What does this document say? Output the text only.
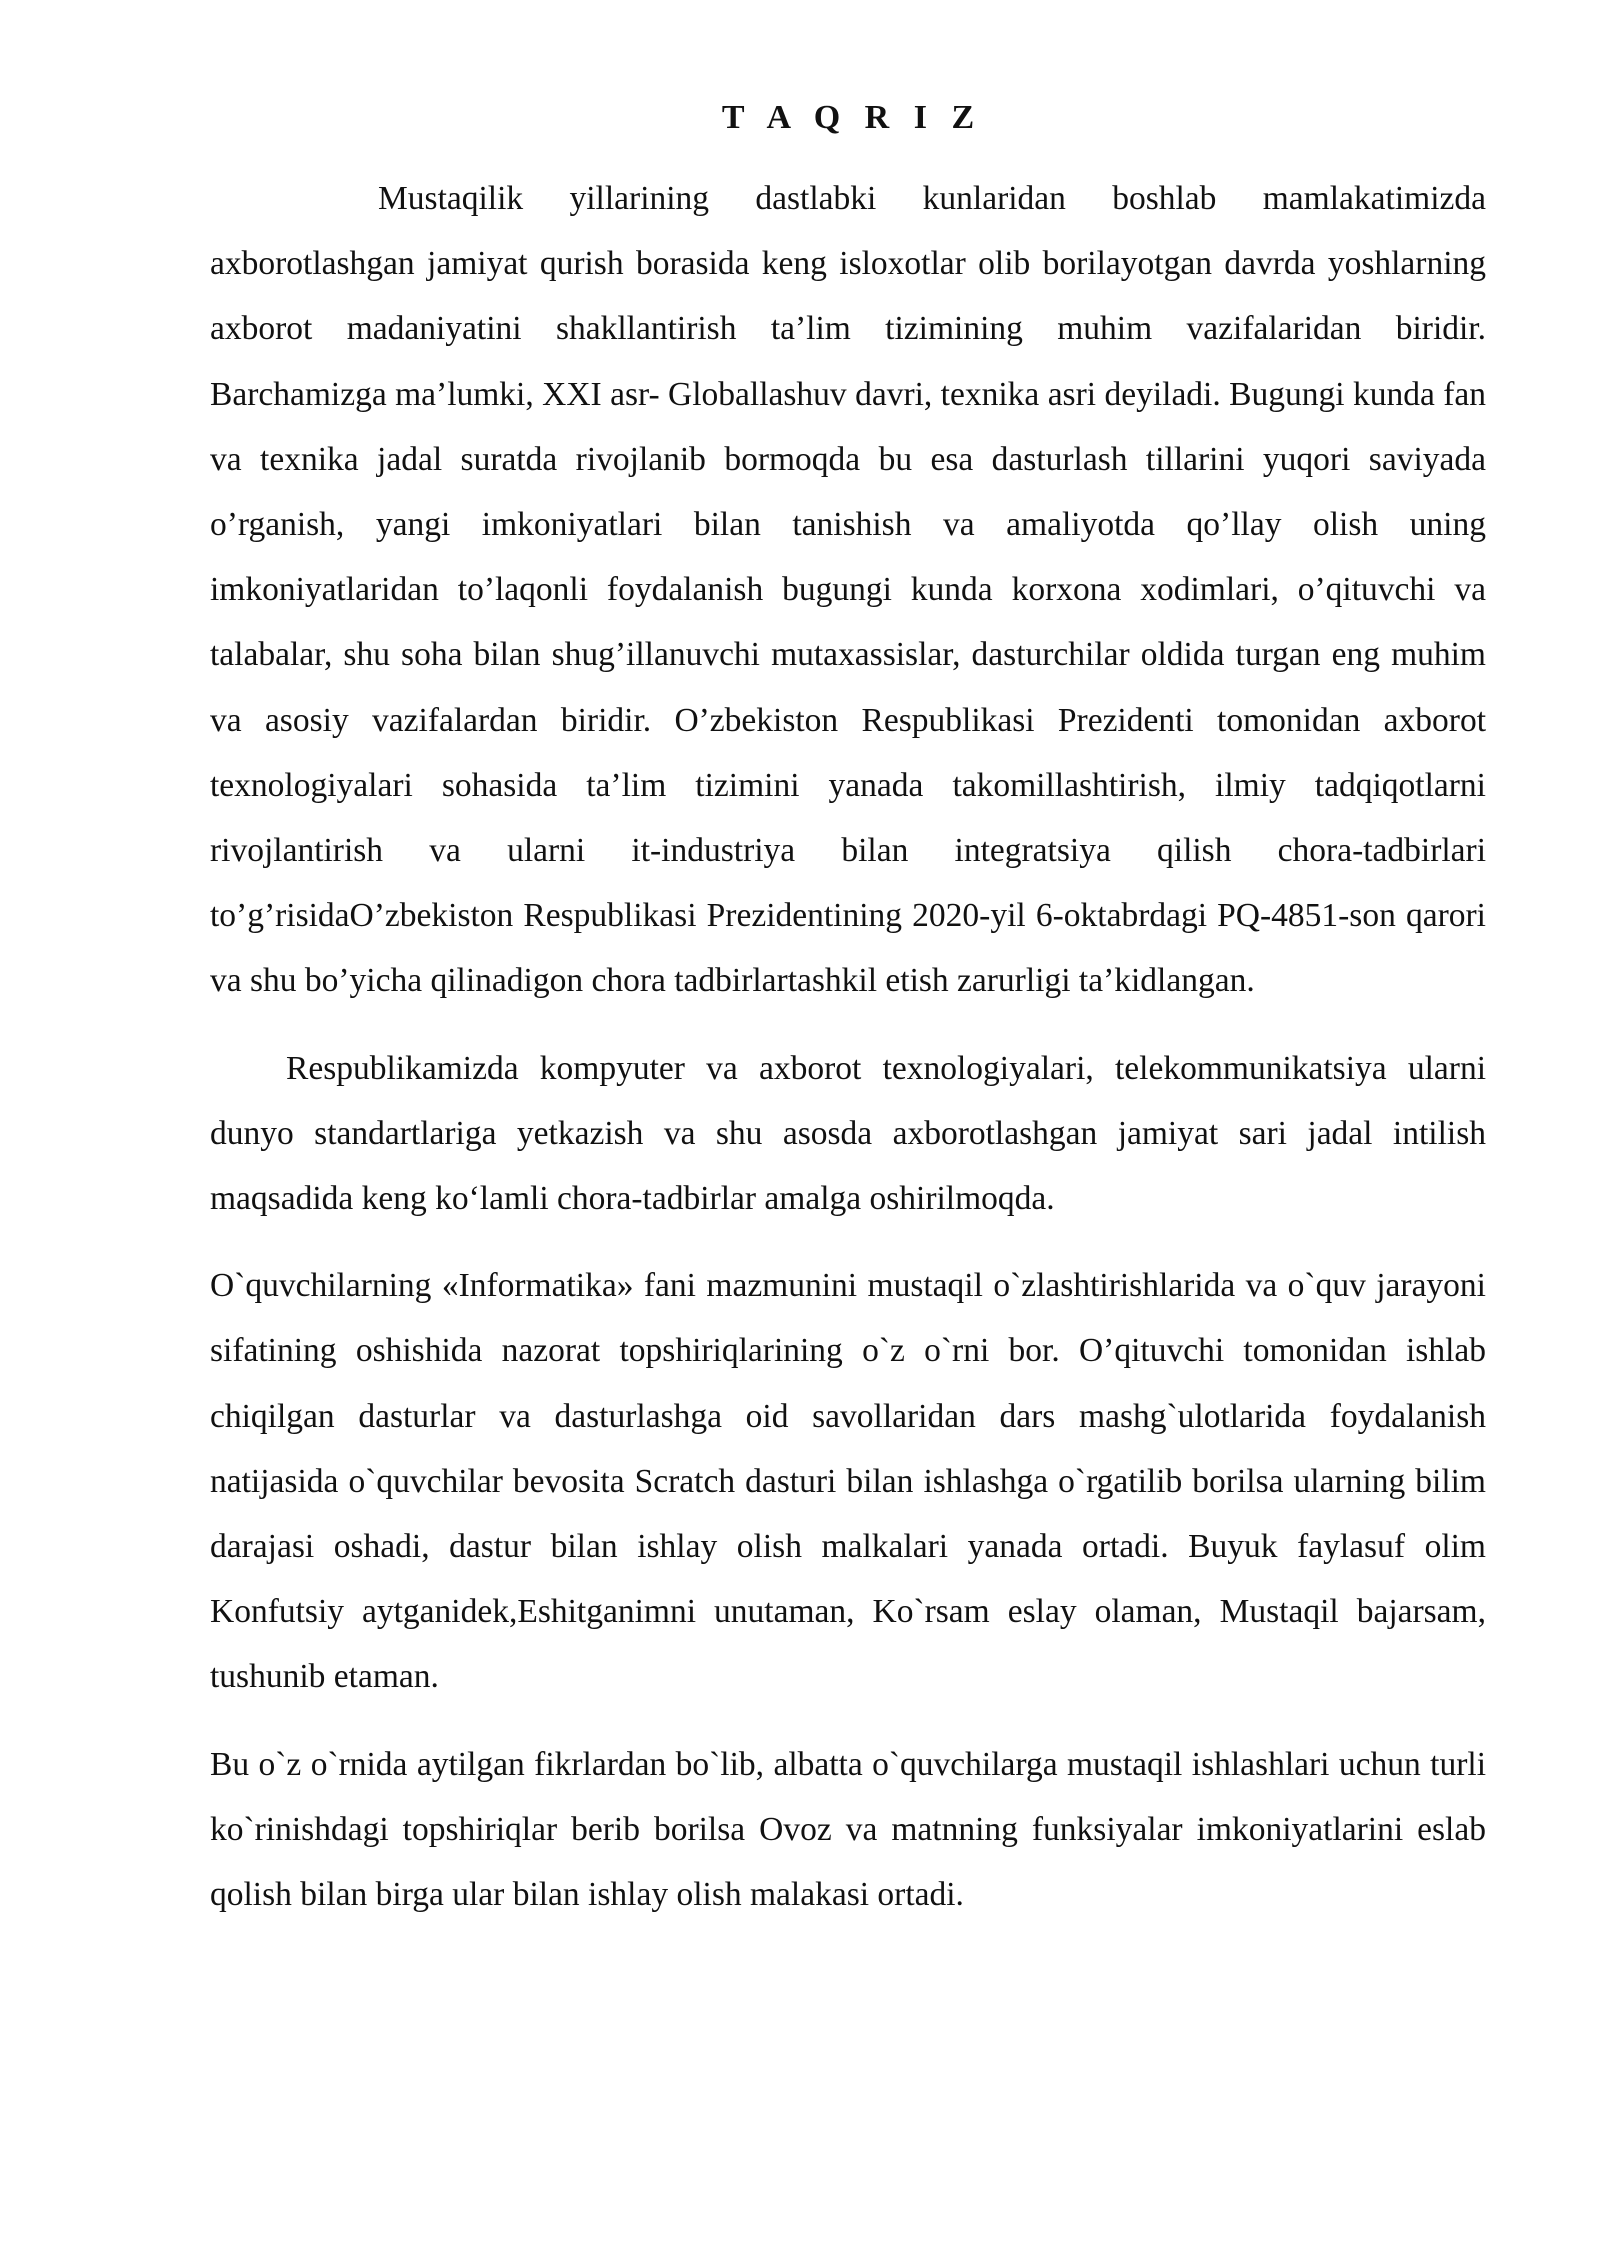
T A Q R I Z

Mustaqilik yillarining dastlabki kunlaridan boshlab mamlakatimizda axborotlashgan jamiyat qurish borasida keng isloxotlar olib borilayotgan davrda yoshlarning axborot madaniyatini shakllantirish ta’lim tizimining muhim vazifalaridan biridir. Barchamizga ma’lumki, XXI asr- Globallashuv davri, texnika asri deyiladi. Bugungi kunda fan va texnika jadal suratda rivojlanib bormoqda bu esa dasturlash tillarini yuqori saviyada o’rganish, yangi imkoniyatlari bilan tanishish va amaliyotda qo’llay olish uning imkoniyatlaridan to’laqonli foydalanish bugungi kunda korxona xodimlari, o’qituvchi va talabalar, shu soha bilan shug’illanuvchi mutaxassislar, dasturchilar oldida turgan eng muhim va asosiy vazifalardan biridir. O’zbekiston Respublikasi Prezidenti tomonidan axborot texnologiyalari sohasida ta’lim tizimini yanada takomillashtirish, ilmiy tadqiqotlarni rivojlantirish va ularni it-industriya bilan integratsiya qilish chora-tadbirlari to’g’risidaO’zbekiston Respublikasi Prezidentining 2020-yil 6-oktabrdagi PQ-4851-son qarori va shu bo’yicha qilinadigon chora tadbirlartashkil etish zarurligi ta’kidlangan.

Respublikamizda kompyuter va axborot texnologiyalari, telekommunikatsiya ularni dunyo standartlariga yetkazish va shu asosda axborotlashgan jamiyat sari jadal intilish maqsadida keng ko‘lamli chora-tadbirlar amalga oshirilmoqda.

O`quvchilarning «Informatika» fani mazmunini mustaqil o`zlashtirishlarida va o`quv jarayoni sifatining oshishida nazorat topshiriqlarining o`z o`rni bor. O’qituvchi tomonidan ishlab chiqilgan dasturlar va dasturlashga oid savollaridan dars mashg`ulotlarida foydalanish natijasida o`quvchilar bevosita Scratch dasturi bilan ishlashga o`rgatilib borilsa ularning bilim darajasi oshadi, dastur bilan ishlay olish malkalari yanada ortadi. Buyuk faylasuf olim Konfutsiy aytganidek,Eshitganimni unutaman, Ko`rsam eslay olaman, Mustaqil bajarsam, tushunib etaman.

Bu o`z o`rnida aytilgan fikrlardan bo`lib, albatta o`quvchilarga mustaqil ishlashlari uchun turli ko`rinishdagi topshiriqlar berib borilsa Ovoz va matnning funksiyalar imkoniyatlarini eslab qolish bilan birga ular bilan ishlay olish malakasi ortadi.
